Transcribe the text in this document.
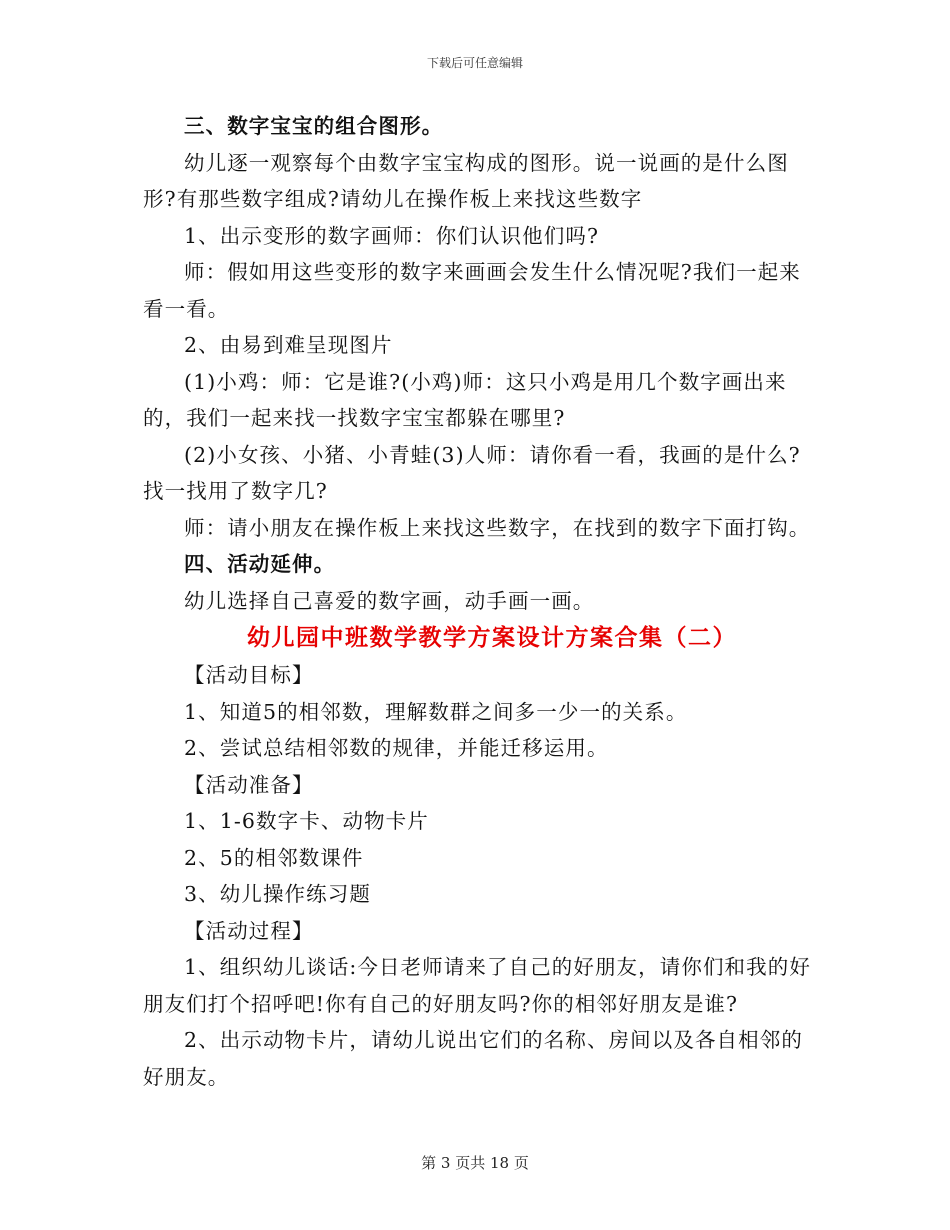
下载后可任意编辑

三、数字宝宝的组合图形。

幼儿逐一观察每个由数字宝宝构成的图形。说一说画的是什么图形?有那些数字组成?请幼儿在操作板上来找这些数字

1、出示变形的数字画师：你们认识他们吗?

师：假如用这些变形的数字来画画会发生什么情况呢?我们一起来看一看。

2、由易到难呈现图片

(1)小鸡：师：它是谁?(小鸡)师：这只小鸡是用几个数字画出来的，我们一起来找一找数字宝宝都躲在哪里?

(2)小女孩、小猪、小青蛙(3)人师：请你看一看，我画的是什么?找一找用了数字几?

师：请小朋友在操作板上来找这些数字，在找到的数字下面打钩。

四、活动延伸。

幼儿选择自己喜爱的数字画，动手画一画。

幼儿园中班数学教学方案设计方案合集（二）

【活动目标】

1、知道5的相邻数，理解数群之间多一少一的关系。

2、尝试总结相邻数的规律，并能迁移运用。

【活动准备】

1、1-6数字卡、动物卡片

2、5的相邻数课件

3、幼儿操作练习题

【活动过程】

1、组织幼儿谈话:今日老师请来了自己的好朋友，请你们和我的好朋友们打个招呼吧!你有自己的好朋友吗?你的相邻好朋友是谁?

2、出示动物卡片，请幼儿说出它们的名称、房间以及各自相邻的好朋友。

第 3 页共 18 页
